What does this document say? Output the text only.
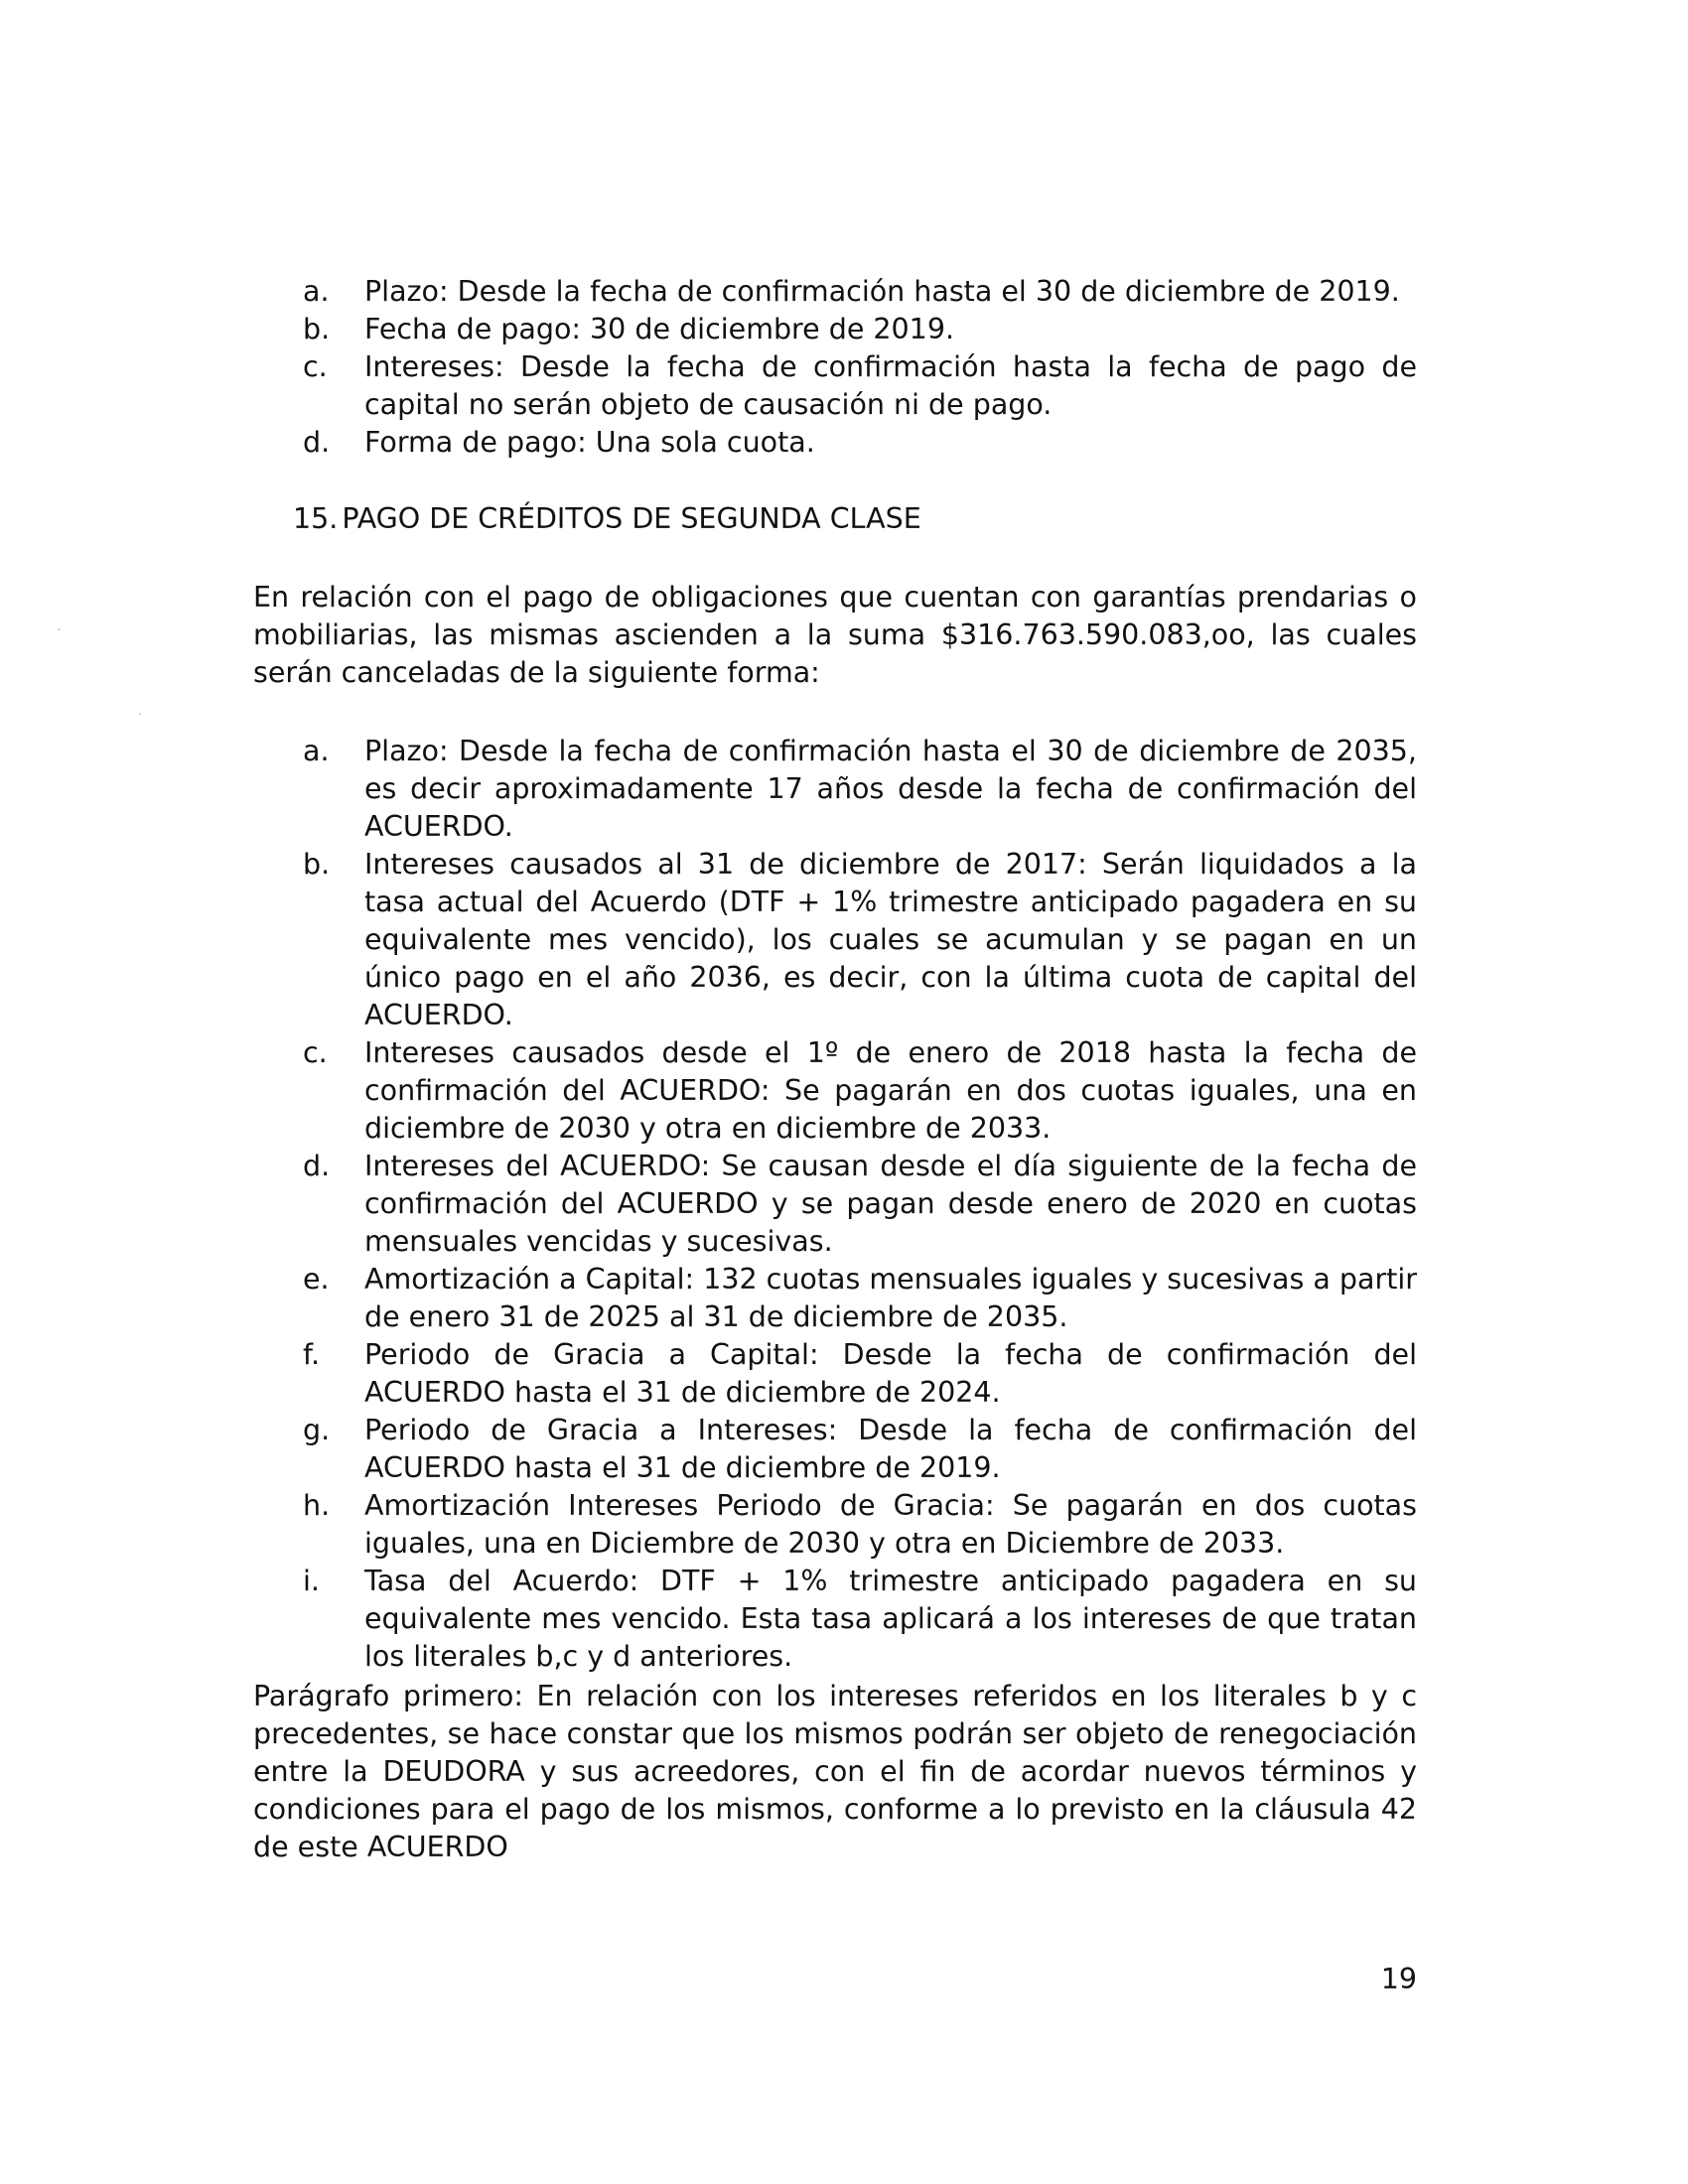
a.	Plazo: Desde la fecha de confirmación hasta el 30 de diciembre de 2019.
b.	Fecha de pago: 30 de diciembre de 2019.
c.	Intereses: Desde la fecha de confirmación hasta la fecha de pago de capital no serán objeto de causación ni de pago.
d.	Forma de pago: Una sola cuota.
15. PAGO DE CRÉDITOS DE SEGUNDA CLASE

En relación con el pago de obligaciones que cuentan con garantías prendarias o mobiliarias, las mismas ascienden a la suma $316.763.590.083,oo, las cuales serán canceladas de la siguiente forma:

a.	Plazo: Desde la fecha de confirmación hasta el 30 de diciembre de 2035, es decir aproximadamente 17 años desde la fecha de confirmación del ACUERDO.
b.	Intereses causados al 31 de diciembre de 2017: Serán liquidados a la tasa actual del Acuerdo (DTF + 1% trimestre anticipado pagadera en su equivalente mes vencido), los cuales se acumulan y se pagan en un único pago en el año 2036, es decir, con la última cuota de capital del ACUERDO.
c.	Intereses causados desde el 1º de enero de 2018 hasta la fecha de confirmación del ACUERDO: Se pagarán en dos cuotas iguales, una en diciembre de 2030 y otra en diciembre de 2033.
d.	Intereses del ACUERDO: Se causan desde el día siguiente de la fecha de confirmación del ACUERDO y se pagan desde enero de 2020 en cuotas mensuales vencidas y sucesivas.
e.	Amortización a Capital: 132 cuotas mensuales iguales y sucesivas a partir de enero 31 de 2025 al 31 de diciembre de 2035.
f.	Periodo de Gracia a Capital: Desde la fecha de confirmación del ACUERDO hasta el 31 de diciembre de 2024.
g.	Periodo de Gracia a Intereses: Desde la fecha de confirmación del ACUERDO hasta el 31 de diciembre de 2019.
h.	Amortización Intereses Periodo de Gracia: Se pagarán en dos cuotas iguales, una en Diciembre de 2030 y otra en Diciembre de 2033.
i.	Tasa del Acuerdo: DTF + 1% trimestre anticipado pagadera en su equivalente mes vencido. Esta tasa aplicará a los intereses de que tratan los literales b,c y d anteriores.

Parágrafo primero: En relación con los intereses referidos en los literales b y c precedentes, se hace constar que los mismos podrán ser objeto de renegociación entre la DEUDORA y sus acreedores, con el fin de acordar nuevos términos y condiciones para el pago de los mismos, conforme a lo previsto en la cláusula 42 de este ACUERDO

19
